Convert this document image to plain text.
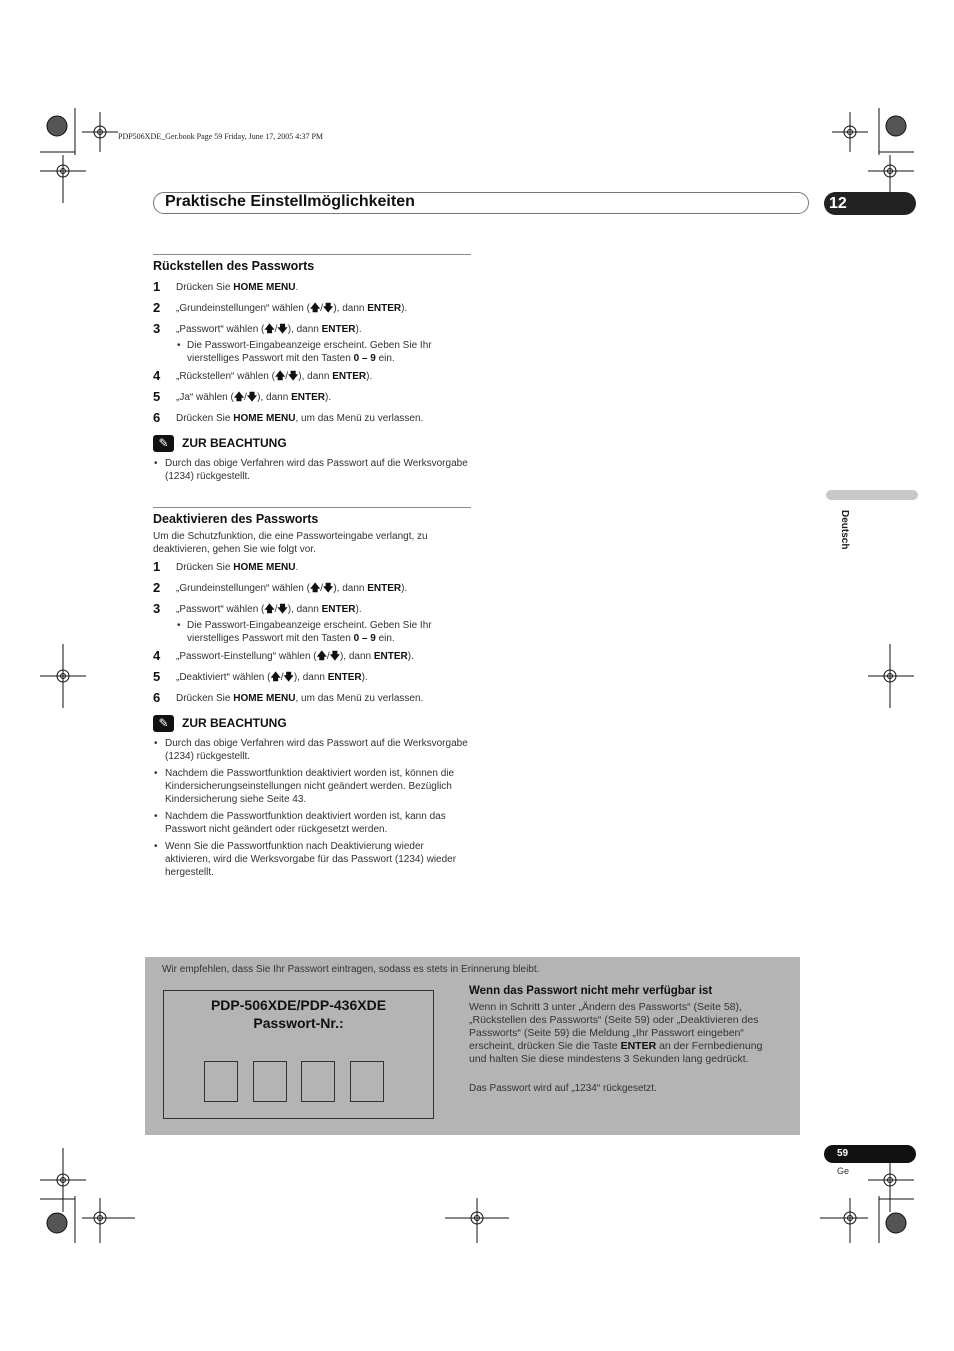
PDP506XDE_Ger.book Page 59 Friday, June 17, 2005 4:37 PM
Praktische Einstellmöglichkeiten	12
Deutsch
Rückstellen des Passworts
1 Drücken Sie HOME MENU.
2 „Grundeinstellungen“ wählen (🡅/🡇), dann ENTER).
3 „Passwort“ wählen (🡅/🡇), dann ENTER).
• Die Passwort-Eingabeanzeige erscheint. Geben Sie Ihr vierstelliges Passwort mit den Tasten 0 – 9 ein.
4 „Rückstellen“ wählen (🡅/🡇), dann ENTER).
5 „Ja“ wählen (🡅/🡇), dann ENTER).
6 Drücken Sie HOME MENU, um das Menü zu verlassen.
✎	ZUR BEACHTUNG
• Durch das obige Verfahren wird das Passwort auf die Werksvorgabe (1234) rückgestellt.
Deaktivieren des Passworts
Um die Schutzfunktion, die eine Passworteingabe verlangt, zu deaktivieren, gehen Sie wie folgt vor.
1 Drücken Sie HOME MENU.
2 „Grundeinstellungen“ wählen (🡅/🡇), dann ENTER).
3 „Passwort“ wählen (🡅/🡇), dann ENTER).
• Die Passwort-Eingabeanzeige erscheint. Geben Sie Ihr vierstelliges Passwort mit den Tasten 0 – 9 ein.
4 „Passwort-Einstellung“ wählen (🡅/🡇), dann ENTER).
5 „Deaktiviert“ wählen (🡅/🡇), dann ENTER).
6 Drücken Sie HOME MENU, um das Menü zu verlassen.
✎	ZUR BEACHTUNG
• Durch das obige Verfahren wird das Passwort auf die Werksvorgabe (1234) rückgestellt.
• Nachdem die Passwortfunktion deaktiviert worden ist, können die Kindersicherungseinstellungen nicht geändert werden. Bezüglich Kindersicherung siehe Seite 43.
• Nachdem die Passwortfunktion deaktiviert worden ist, kann das Passwort nicht geändert oder rückgesetzt werden.
• Wenn Sie die Passwortfunktion nach Deaktivierung wieder aktivieren, wird die Werksvorgabe für das Passwort (1234) wieder hergestellt.
Wir empfehlen, dass Sie Ihr Passwort eintragen, sodass es stets in Erinnerung bleibt.
PDP-506XDE/PDP-436XDE
Passwort-Nr.:
Wenn das Passwort nicht mehr verfügbar ist
Wenn in Schritt 3 unter „Ändern des Passworts“ (Seite 58), „Rückstellen des Passworts“ (Seite 59) oder „Deaktivieren des Passworts“ (Seite 59) die Meldung „Ihr Passwort eingeben“ erscheint, drücken Sie die Taste ENTER an der Fernbedienung und halten Sie diese mindestens 3 Sekunden lang gedrückt.
Das Passwort wird auf „1234“ rückgesetzt.
59
Ge
